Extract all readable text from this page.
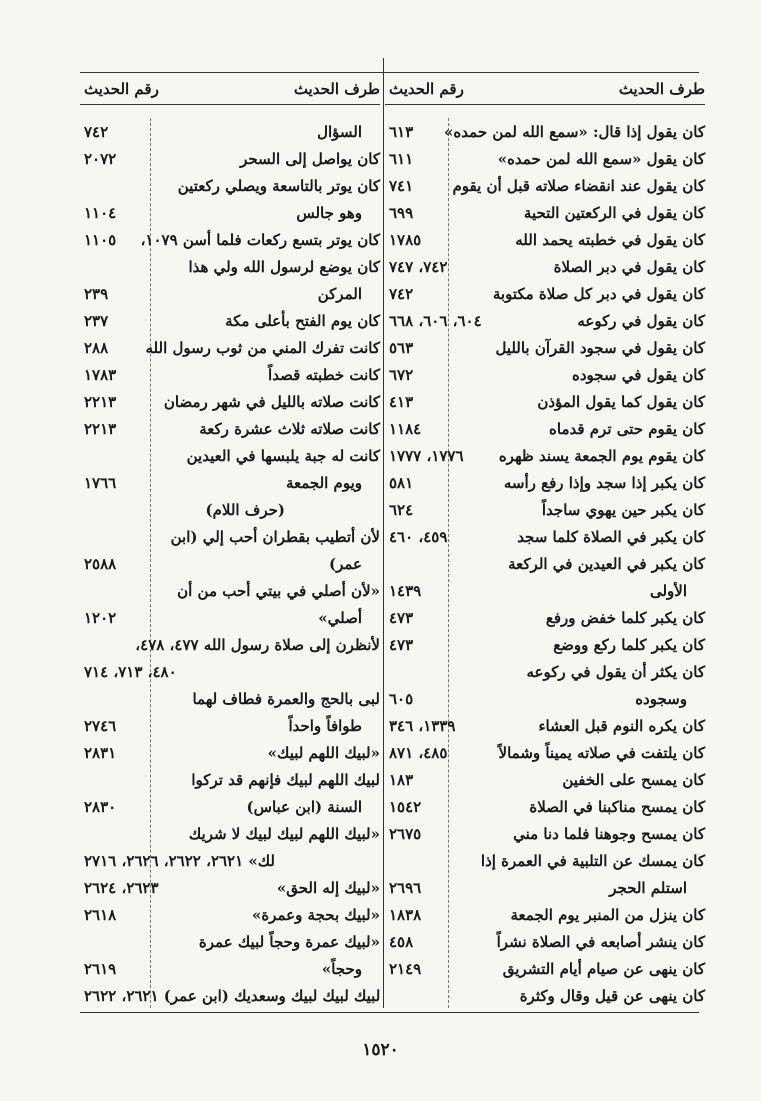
طرف الحديث
رقم الحديث
كان يقول إذا قال: «سمع الله لمن حمده»
٦١٣
كان يقول «سمع الله لمن حمده»
٦١١
كان يقول عند انقضاء صلاته قبل أن يقوم
٧٤١
كان يقول في الركعتين التحية
٦٩٩
كان يقول في خطبته يحمد الله
١٧٨٥
كان يقول في دبر الصلاة
٧٤٢، ٧٤٧
كان يقول في دبر كل صلاة مكتوبة
٧٤٢
كان يقول في ركوعه
٦٠٤، ٦٠٦، ٦٦٨
كان يقول في سجود القرآن بالليل
٥٦٣
كان يقول في سجوده
٦٧٢
كان يقول كما يقول المؤذن
٤١٣
كان يقوم حتى ترم قدماه
١١٨٤
كان يقوم يوم الجمعة يسند ظهره
١٧٧٦، ١٧٧٧
كان يكبر إذا سجد وإذا رفع رأسه
٥٨١
كان يكبر حين يهوي ساجداً
٦٢٤
كان يكبر في الصلاة كلما سجد
٤٥٩، ٤٦٠
كان يكبر في العيدين في الركعة
الأولى
١٤٣٩
كان يكبر كلما خفض ورفع
٤٧٣
كان يكبر كلما ركع ووضع
٤٧٣
كان يكثر أن يقول في ركوعه
وسجوده
٦٠٥
كان يكره النوم قبل العشاء
١٣٣٩، ٣٤٦
كان يلتفت في صلاته يميناً وشمالاً
٤٨٥، ٨٧١
كان يمسح على الخفين
١٨٣
كان يمسح مناكبنا في الصلاة
١٥٤٢
كان يمسح وجوهنا فلما دنا مني
٢٦٧٥
كان يمسك عن التلبية في العمرة إذا
استلم الحجر
٢٦٩٦
كان ينزل من المنبر يوم الجمعة
١٨٣٨
كان ينشر أصابعه في الصلاة نشراً
٤٥٨
كان ينهى عن صيام أيام التشريق
٢١٤٩
كان ينهى عن قيل وقال وكثرة
طرف الحديث
رقم الحديث
السؤال
٧٤٢
كان يواصل إلى السحر
٢٠٧٢
كان يوتر بالتاسعة ويصلي ركعتين
وهو جالس
١١٠٤
كان يوتر بتسع ركعات فلما أسن ١٠٧٩،
١١٠٥
كان يوضع لرسول الله ولي هذا
المركن
٢٣٩
كان يوم الفتح بأعلى مكة
٢٣٧
كانت تفرك المني من ثوب رسول الله
٢٨٨
كانت خطبته قصداً
١٧٨٣
كانت صلاته بالليل في شهر رمضان
٢٢١٣
كانت صلاته ثلاث عشرة ركعة
٢٢١٣
كانت له جبة يلبسها في العيدين
ويوم الجمعة
١٧٦٦
(حرف اللام)
لأن أتطيب بقطران أحب إلي (ابن
عمر)
٢٥٨٨
«لأن أصلي في بيتي أحب من أن
أصلي»
١٢٠٢
لأنظرن إلى صلاة رسول الله ٤٧٧، ٤٧٨،
٤٨٠، ٧١٣، ٧١٤
لبى بالحج والعمرة فطاف لهما
طوافاً واحداً
٢٧٤٦
«لبيك اللهم لبيك»
٢٨٣١
لبيك اللهم لبيك فإنهم قد تركوا
السنة (ابن عباس)
٢٨٣٠
«لبيك اللهم لبيك لبيك لا شريك
لك» ٢٦٢١، ٢٦٢٢، ٢٦٢٦، ٢٧١٦
«لبيك إله الحق»
٢٦٢٣، ٢٦٢٤
«لبيك بحجة وعمرة»
٢٦١٨
«لبيك عمرة وحجاً لبيك عمرة
وحجاً»
٢٦١٩
لبيك لبيك لبيك وسعديك (ابن عمر) ٢٦٢١، ٢٦٢٢
١٥٢٠
